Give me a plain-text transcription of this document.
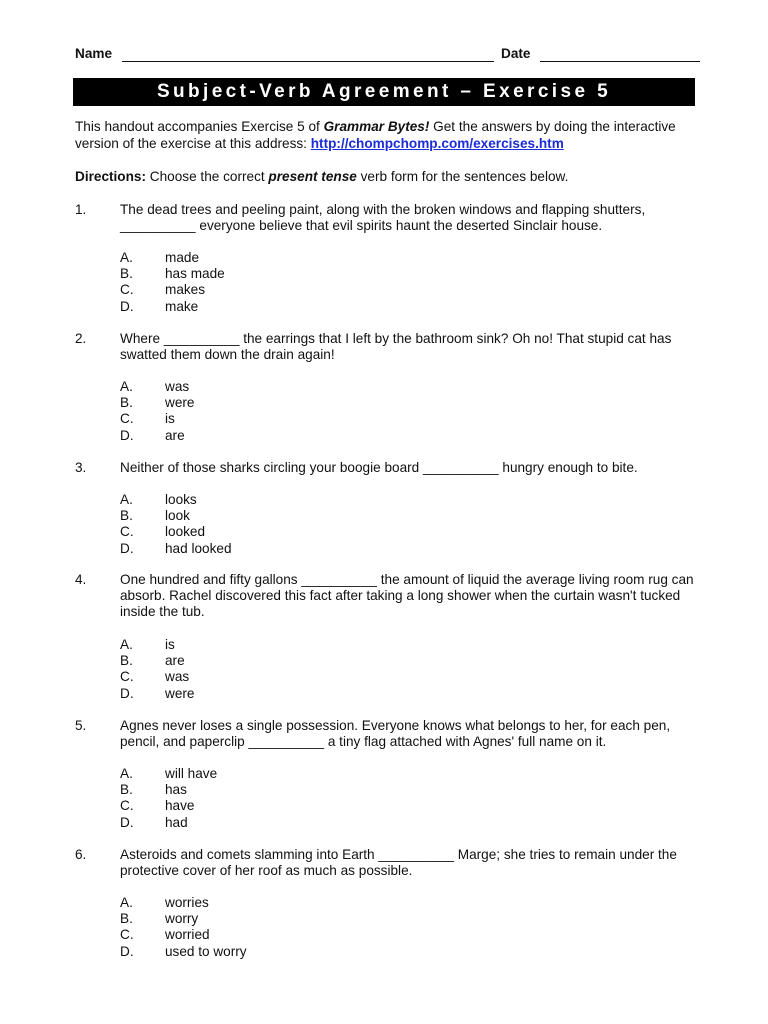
Name	Date
Subject-Verb Agreement – Exercise 5
This handout accompanies Exercise 5 of Grammar Bytes! Get the answers by doing the interactive version of the exercise at this address: http://chompchomp.com/exercises.htm
Directions: Choose the correct present tense verb form for the sentences below.
1. The dead trees and peeling paint, along with the broken windows and flapping shutters, __________ everyone believe that evil spirits haunt the deserted Sinclair house.
A. made
B. has made
C. makes
D. make
2. Where __________ the earrings that I left by the bathroom sink? Oh no! That stupid cat has swatted them down the drain again!
A. was
B. were
C. is
D. are
3. Neither of those sharks circling your boogie board __________ hungry enough to bite.
A. looks
B. look
C. looked
D. had looked
4. One hundred and fifty gallons __________ the amount of liquid the average living room rug can absorb. Rachel discovered this fact after taking a long shower when the curtain wasn't tucked inside the tub.
A. is
B. are
C. was
D. were
5. Agnes never loses a single possession. Everyone knows what belongs to her, for each pen, pencil, and paperclip __________ a tiny flag attached with Agnes' full name on it.
A. will have
B. has
C. have
D. had
6. Asteroids and comets slamming into Earth __________ Marge; she tries to remain under the protective cover of her roof as much as possible.
A. worries
B. worry
C. worried
D. used to worry
